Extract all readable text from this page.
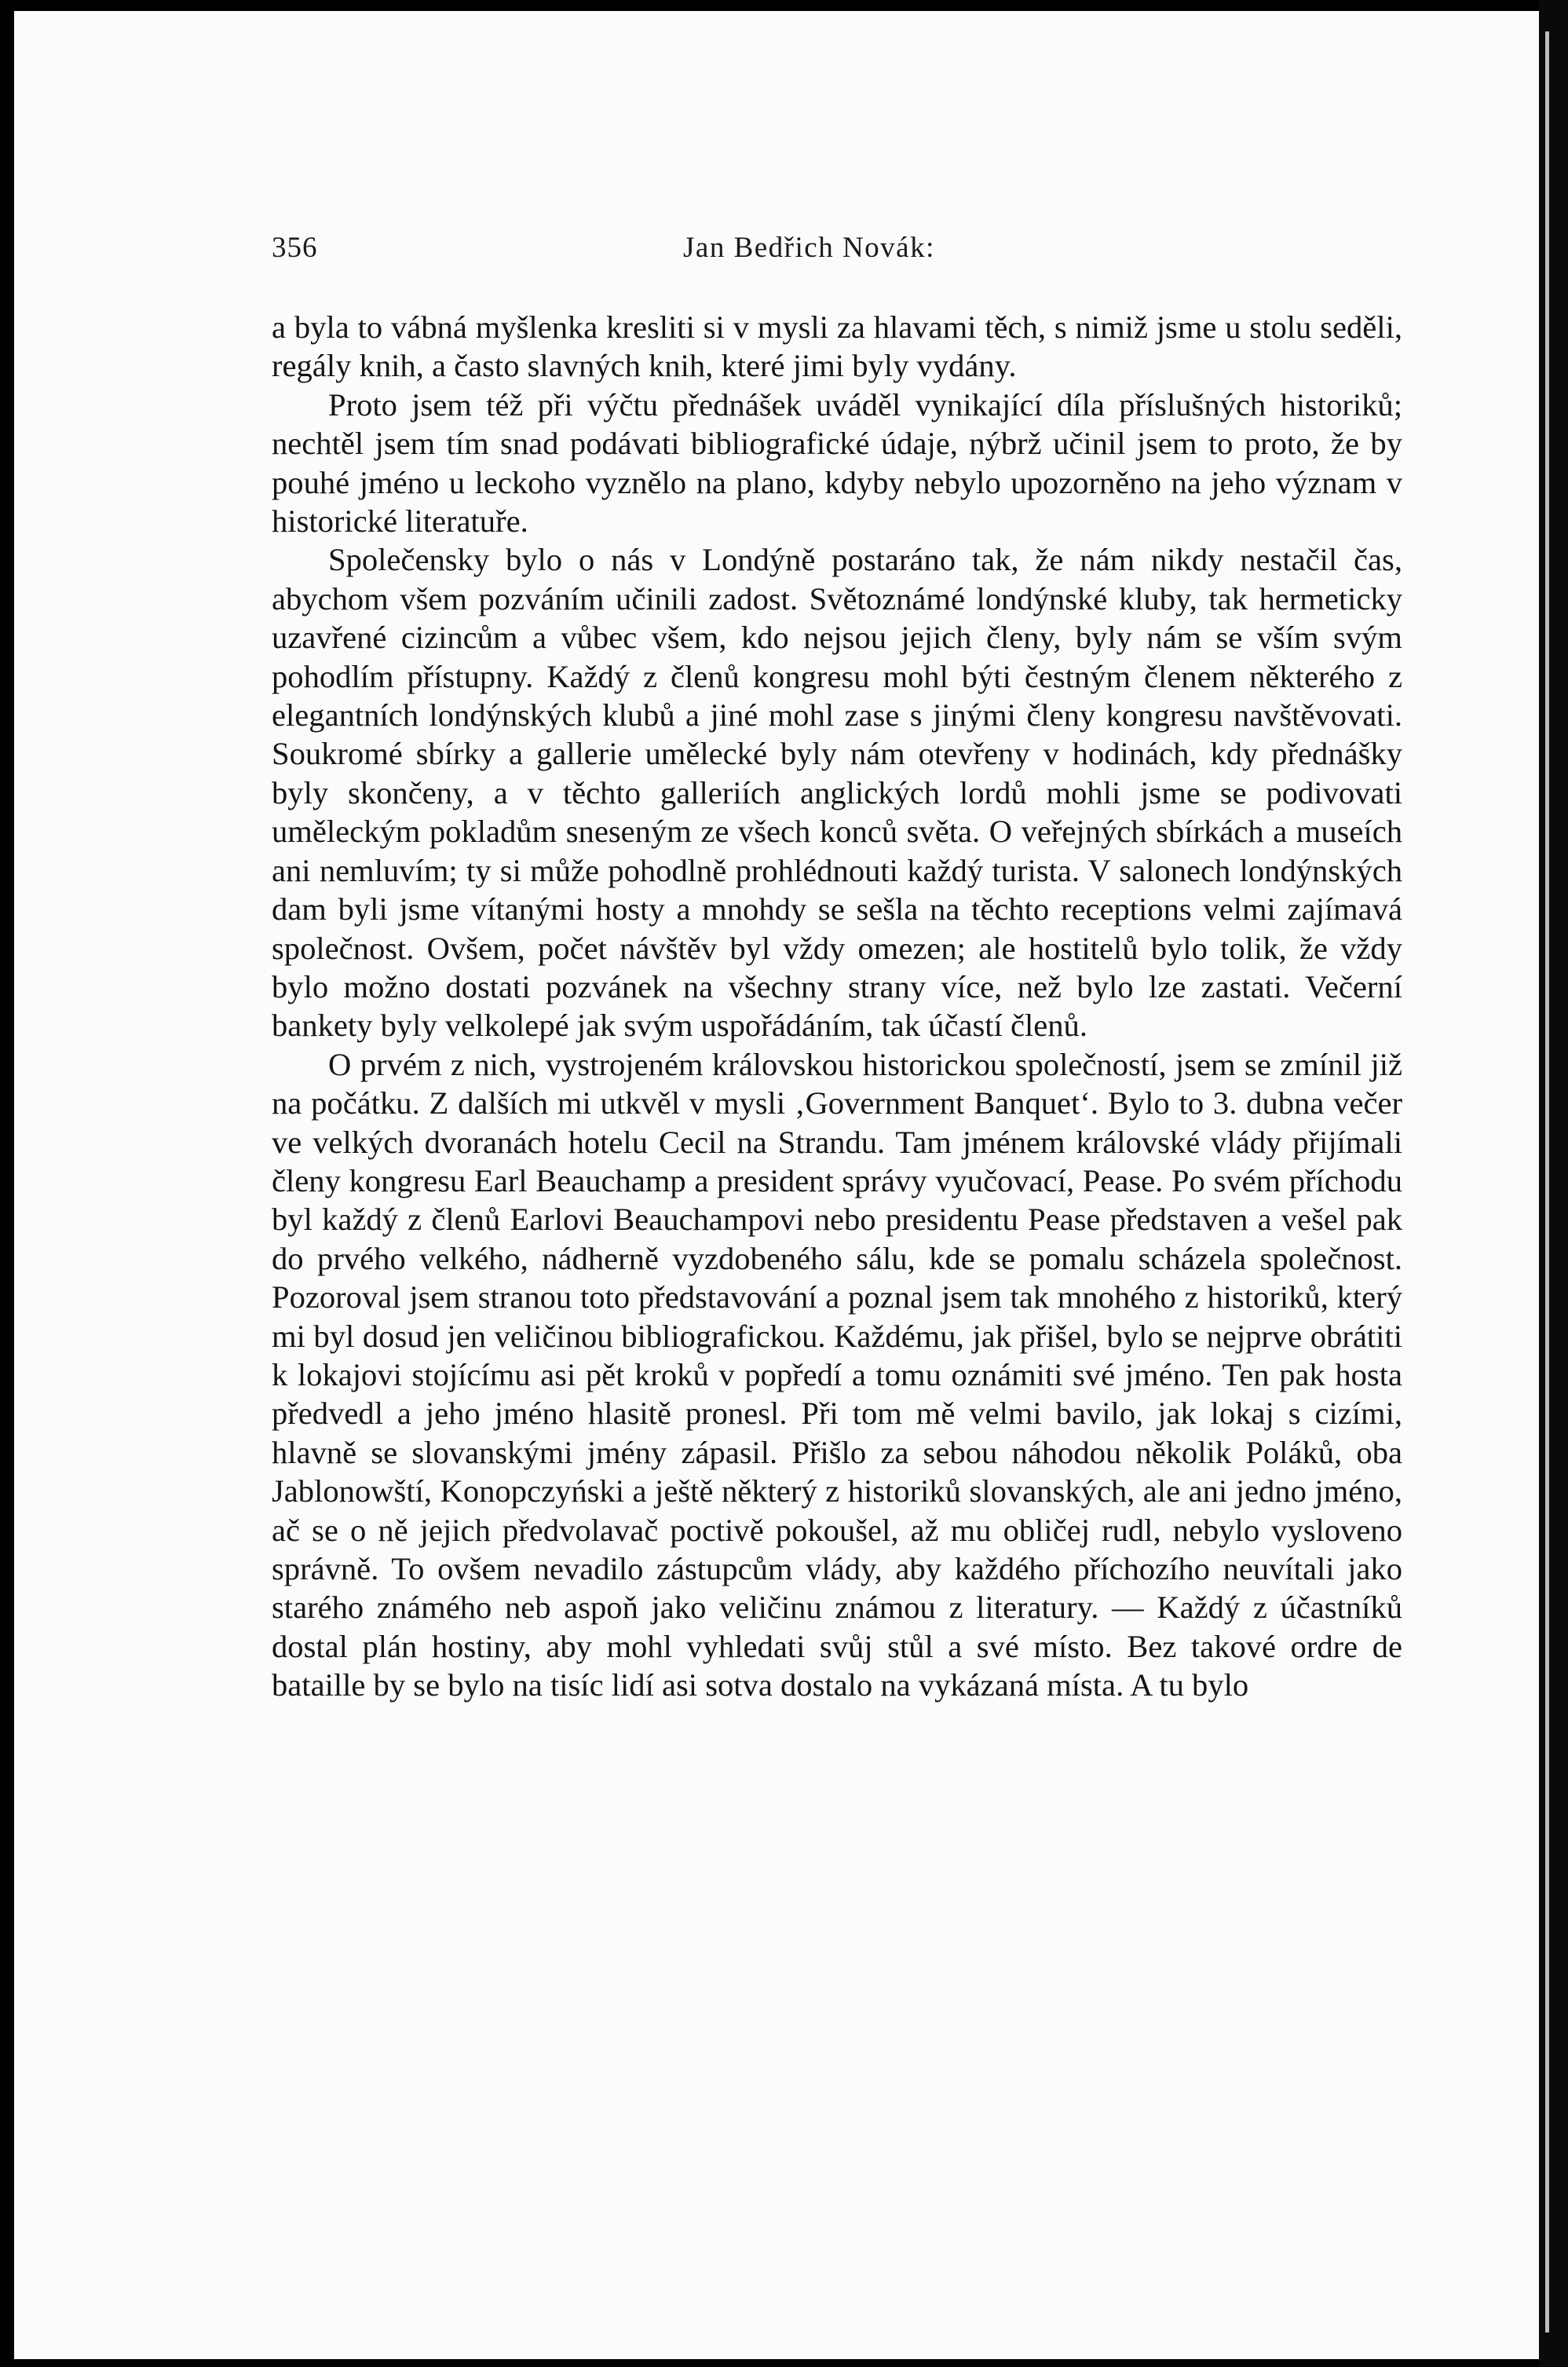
356	Jan Bedřich Novák:

a byla to vábná myšlenka kresliti si v mysli za hlavami těch, s nimiž jsme u stolu seděli, regály knih, a často slavných knih, které jimi byly vydány.

Proto jsem též při výčtu přednášek uváděl vynikající díla příslušných historiků; nechtěl jsem tím snad podávati bibliografické údaje, nýbrž učinil jsem to proto, že by pouhé jméno u leckoho vyznělo na plano, kdyby nebylo upozorněno na jeho význam v historické literatuře.

Společensky bylo o nás v Londýně postaráno tak, že nám nikdy nestačil čas, abychom všem pozváním učinili zadost. Světoznámé londýnské kluby, tak hermeticky uzavřené cizincům a vůbec všem, kdo nejsou jejich členy, byly nám se vším svým pohodlím přístupny. Každý z členů kongresu mohl býti čestným členem některého z elegantních londýnských klubů a jiné mohl zase s jinými členy kongresu navštěvovati. Soukromé sbírky a gallerie umělecké byly nám otevřeny v hodinách, kdy přednášky byly skončeny, a v těchto galleriích anglických lordů mohli jsme se podivovati uměleckým pokladům sneseným ze všech konců světa. O veřejných sbírkách a museích ani nemluvím; ty si může pohodlně prohlédnouti každý turista. V salonech londýnských dam byli jsme vítanými hosty a mnohdy se sešla na těchto receptions velmi zajímavá společnost. Ovšem, počet návštěv byl vždy omezen; ale hostitelů bylo tolik, že vždy bylo možno dostati pozvánek na všechny strany více, než bylo lze zastati. Večerní bankety byly velkolepé jak svým uspořádáním, tak účastí členů.

O prvém z nich, vystrojeném královskou historickou společností, jsem se zmínil již na počátku. Z dalších mi utkvěl v mysli ‚Government Banquet‘. Bylo to 3. dubna večer ve velkých dvoranách hotelu Cecil na Strandu. Tam jménem královské vlády přijímali členy kongresu Earl Beauchamp a president správy vyučovací, Pease. Po svém příchodu byl každý z členů Earlovi Beauchampovi nebo presidentu Pease představen a vešel pak do prvého velkého, nádherně vyzdobeného sálu, kde se pomalu scházela společnost. Pozoroval jsem stranou toto představování a poznal jsem tak mnohého z historiků, který mi byl dosud jen veličinou bibliografickou. Každému, jak přišel, bylo se nejprve obrátiti k lokajovi stojícímu asi pět kroků v popředí a tomu oznámiti své jméno. Ten pak hosta předvedl a jeho jméno hlasitě pronesl. Při tom mě velmi bavilo, jak lokaj s cizími, hlavně se slovanskými jmény zápasil. Přišlo za sebou náhodou několik Poláků, oba Jablonowští, Konopczyński a ještě některý z historiků slovanských, ale ani jedno jméno, ač se o ně jejich předvolavač poctivě pokoušel, až mu obličej rudl, nebylo vysloveno správně. To ovšem nevadilo zástupcům vlády, aby každého příchozího neuvítali jako starého známého neb aspoň jako veličinu známou z literatury. — Každý z účastníků dostal plán hostiny, aby mohl vyhledati svůj stůl a své místo. Bez takové ordre de bataille by se bylo na tisíc lidí asi sotva dostalo na vykázaná místa. A tu bylo
